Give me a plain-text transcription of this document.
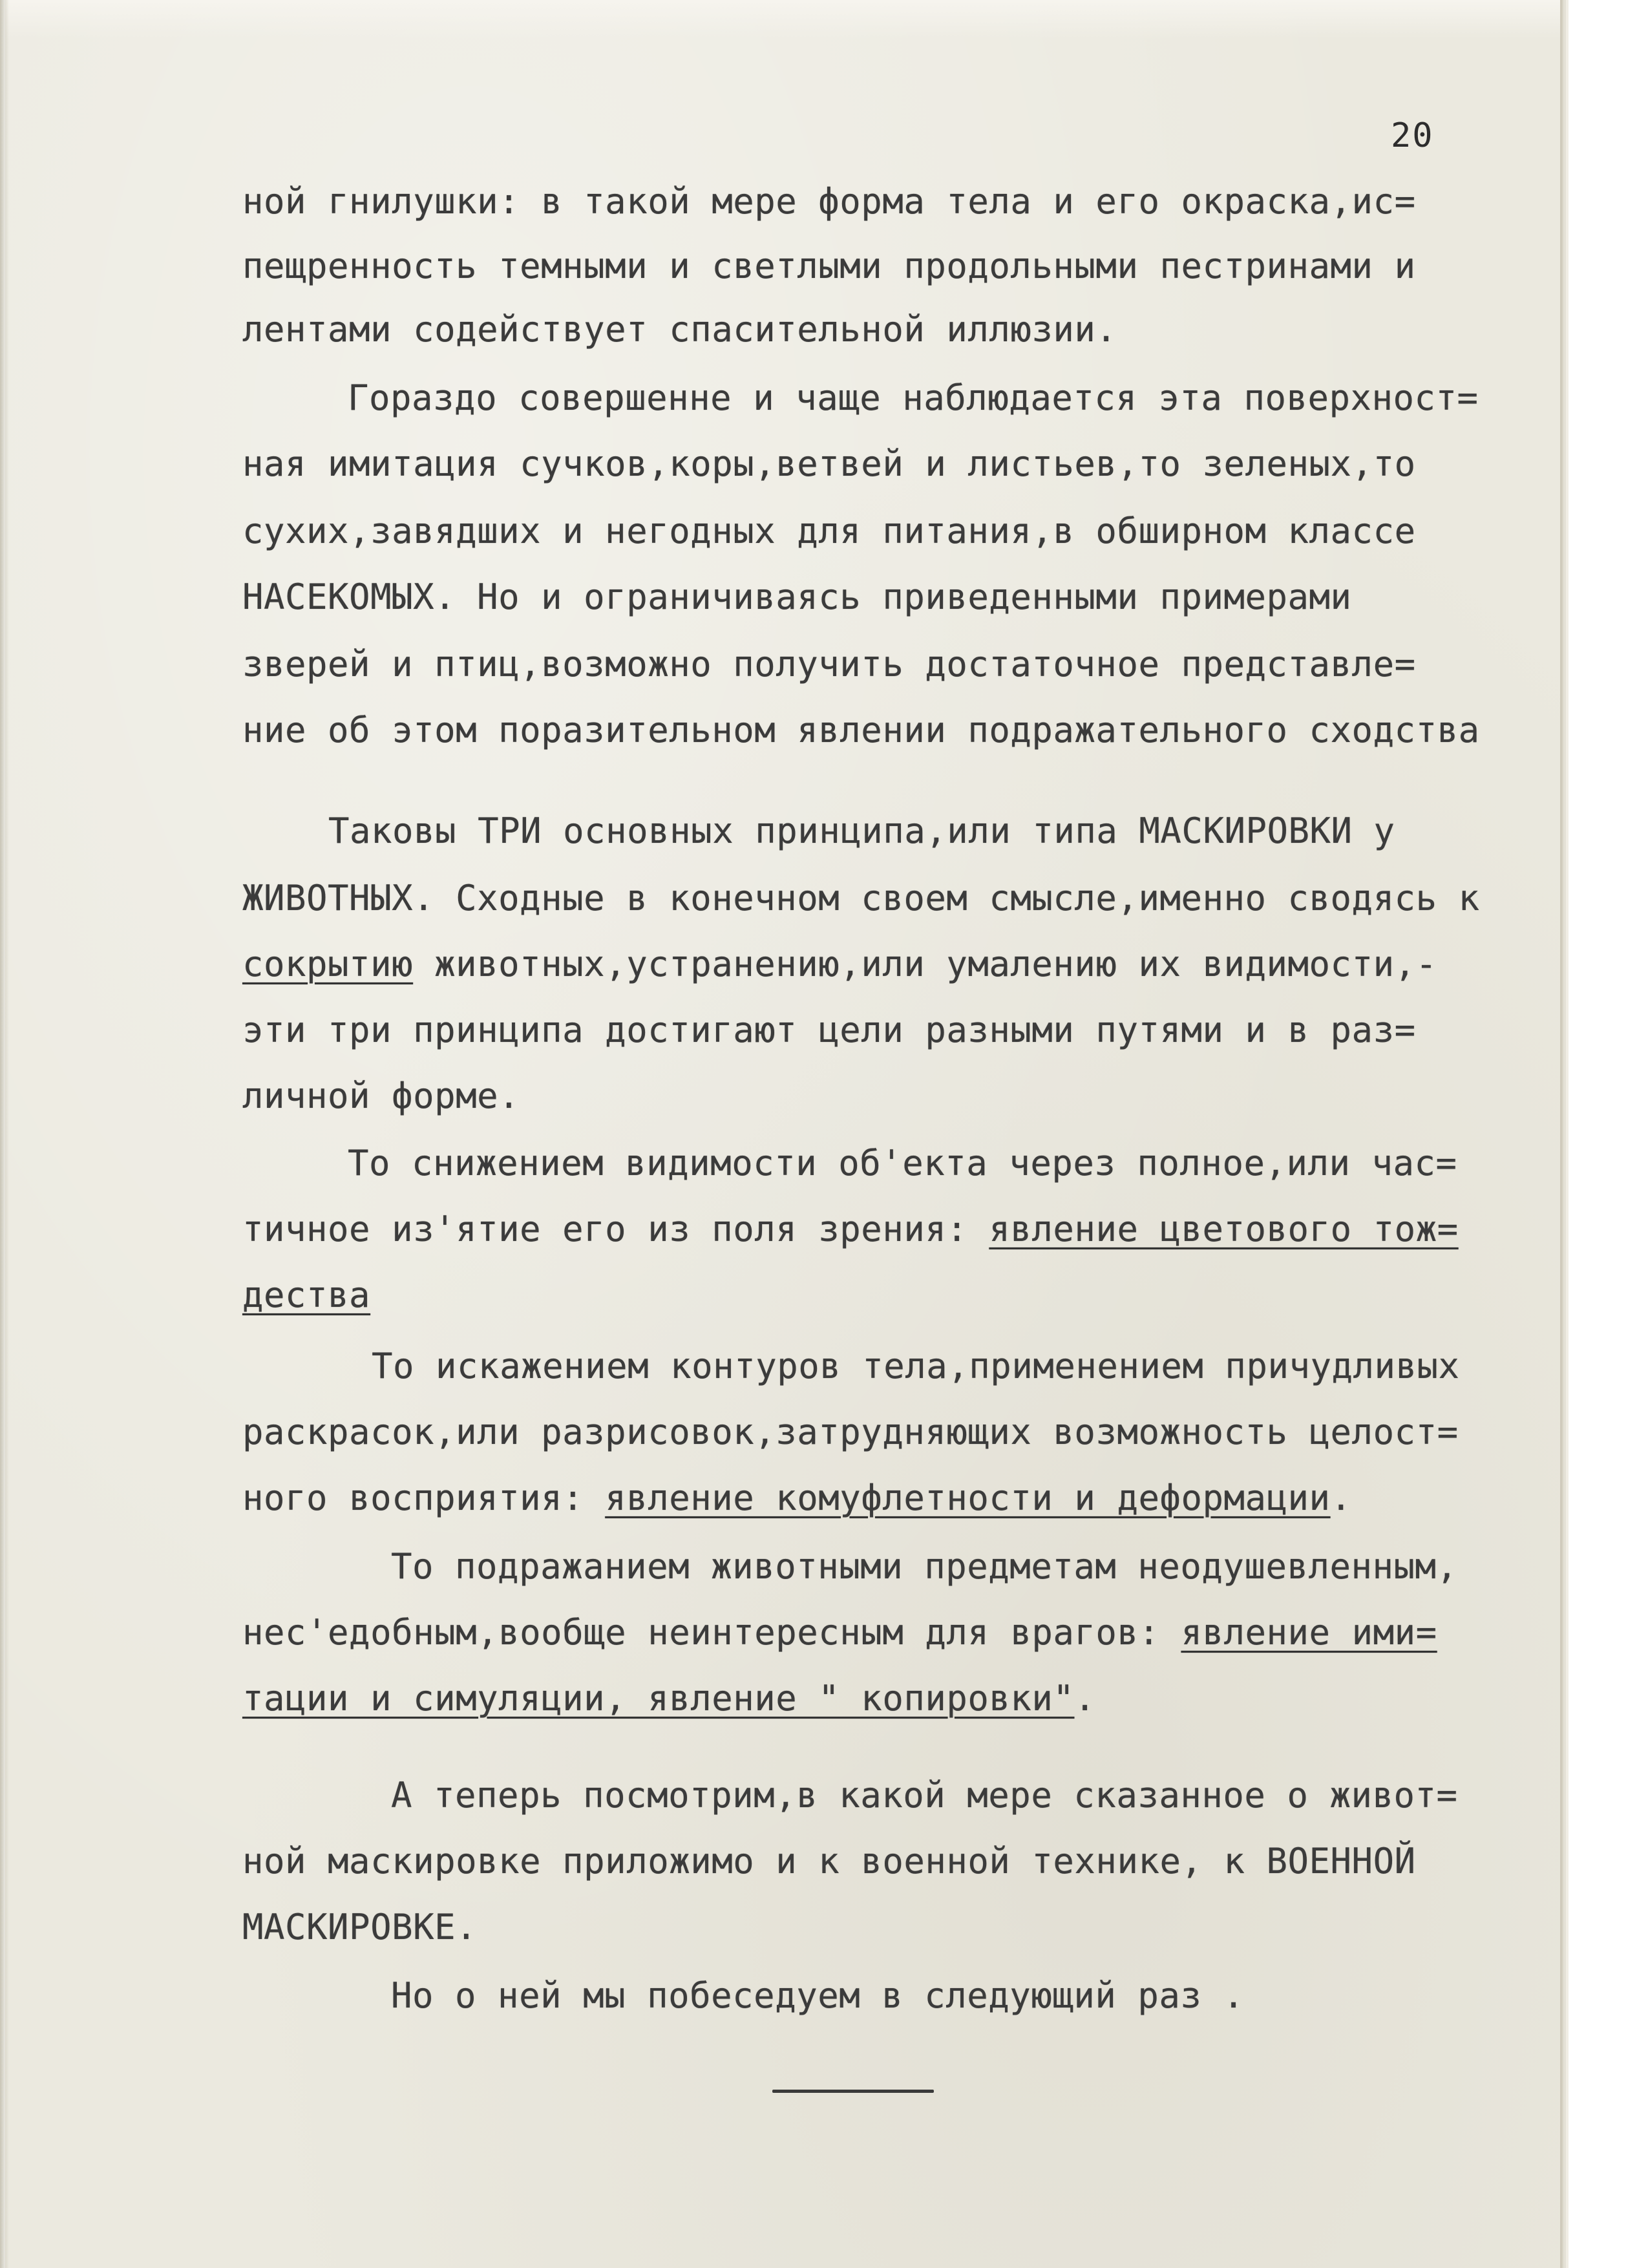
20
ной гнилушки: в такой мере форма тела и его окраска,ис=
пещренность темными и светлыми продольными пестринами и
лентами содействует спасительной иллюзии.
Гораздо совершенне и чаще наблюдается эта поверхност=
ная имитация сучков,коры,ветвей и листьев,то зеленых,то
сухих,завядших и негодных для питания,в обширном классе
НАСЕКОМЫХ. Но и ограничиваясь приведенными примерами
зверей и птиц,возможно получить достаточное представле=
ние об этом поразительном явлении подражательного сходства
Таковы ТРИ основных принципа,или типа МАСКИРОВКИ у
ЖИВОТНЫХ. Сходные в конечном своем смысле,именно сводясь к
сокрытию животных,устранению,или умалению их видимости,-
эти три принципа достигают цели разными путями и в раз=
личной форме.
То снижением видимости об'екта через полное,или час=
тичное из'ятие его из поля зрения: явление цветового тож=
дества
То искажением контуров тела,применением причудливых
раскрасок,или разрисовок,затрудняющих возможность целост=
ного восприятия: явление комуфлетности и деформации.
То подражанием животными предметам неодушевленным,
нес'едобным,вообще неинтересным для врагов: явление ими=
тации и симуляции, явление " копировки".
А теперь посмотрим,в какой мере сказанное о живот=
ной маскировке приложимо и к военной технике, к ВОЕННОЙ
МАСКИРОВКЕ.
Но о ней мы побеседуем в следующий раз .
